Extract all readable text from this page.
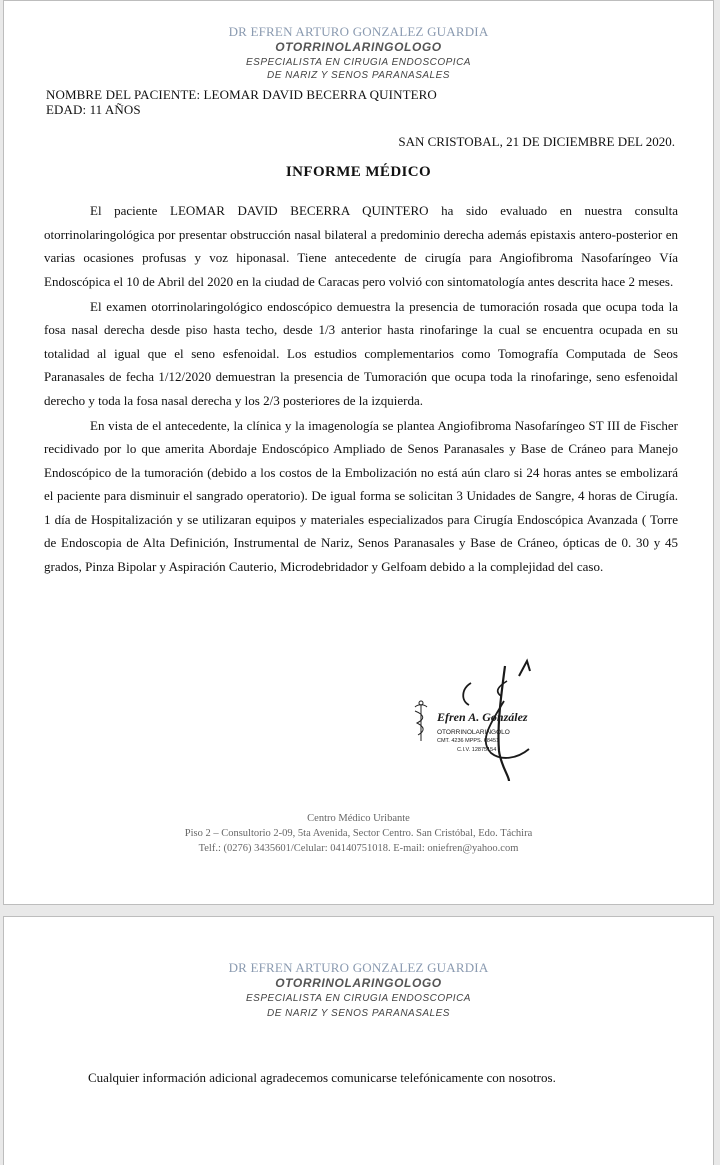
DR EFREN ARTURO GONZALEZ GUARDIA
OTORRINOLARINGOLOGO
ESPECIALISTA EN CIRUGIA ENDOSCOPICA
DE NARIZ Y SENOS PARANASALES
NOMBRE DEL PACIENTE: LEOMAR DAVID BECERRA QUINTERO
EDAD: 11 AÑOS
SAN CRISTOBAL, 21 DE DICIEMBRE DEL 2020.
INFORME MÉDICO

El paciente LEOMAR DAVID BECERRA QUINTERO ha sido evaluado en nuestra consulta otorrinolaringológica por presentar obstrucción nasal bilateral a predominio derecha además epistaxis antero-posterior en varias ocasiones profusas y voz hiponasal. Tiene antecedente de cirugía para Angiofibroma Nasofaríngeo Vía Endoscópica el 10 de Abril del 2020 en la ciudad de Caracas pero volvió con sintomatología antes descrita hace 2 meses.

El examen otorrinolaringológico endoscópico demuestra la presencia de tumoración rosada que ocupa toda la fosa nasal derecha desde piso hasta techo, desde 1/3 anterior hasta rinofaringe la cual se encuentra ocupada en su totalidad al igual que el seno esfenoidal. Los estudios complementarios como Tomografía Computada de Seos Paranasales de fecha 1/12/2020 demuestran la presencia de Tumoración que ocupa toda la rinofaringe, seno esfenoidal derecho y toda la fosa nasal derecha y los 2/3 posteriores de la izquierda.

En vista de el antecedente, la clínica y la imagenología se plantea Angiofibroma Nasofaríngeo ST III de Fischer recidivado por lo que amerita Abordaje Endoscópico Ampliado de Senos Paranasales y Base de Cráneo para Manejo Endoscópico de la tumoración (debido a los costos de la Embolización no está aún claro si 24 horas antes se embolizará el paciente para disminuir el sangrado operatorio). De igual forma se solicitan 3 Unidades de Sangre, 4 horas de Cirugía. 1 día de Hospitalización y se utilizaran equipos y materiales especializados para Cirugía Endoscópica Avanzada ( Torre de Endoscopia de Alta Definición, Instrumental de Nariz, Senos Paranasales y Base de Cráneo, ópticas de 0. 30 y 45 grados, Pinza Bipolar y Aspiración Cauterio, Microdebridador y Gelfoam debido a la complejidad del caso.

Efren A. González
OTORRINOLARINGOLO
CMT. 4236 MPPS. 68451
C.I.V. 12875154
Centro Médico Uribante
Piso 2 – Consultorio 2-09, 5ta Avenida, Sector Centro. San Cristóbal, Edo. Táchira
Telf.: (0276) 3435601/Celular: 04140751018. E-mail: oniefren@yahoo.com
DR EFREN ARTURO GONZALEZ GUARDIA
OTORRINOLARINGOLOGO
ESPECIALISTA EN CIRUGIA ENDOSCOPICA
DE NARIZ Y SENOS PARANASALES
Cualquier información adicional agradecemos comunicarse telefónicamente con nosotros.
